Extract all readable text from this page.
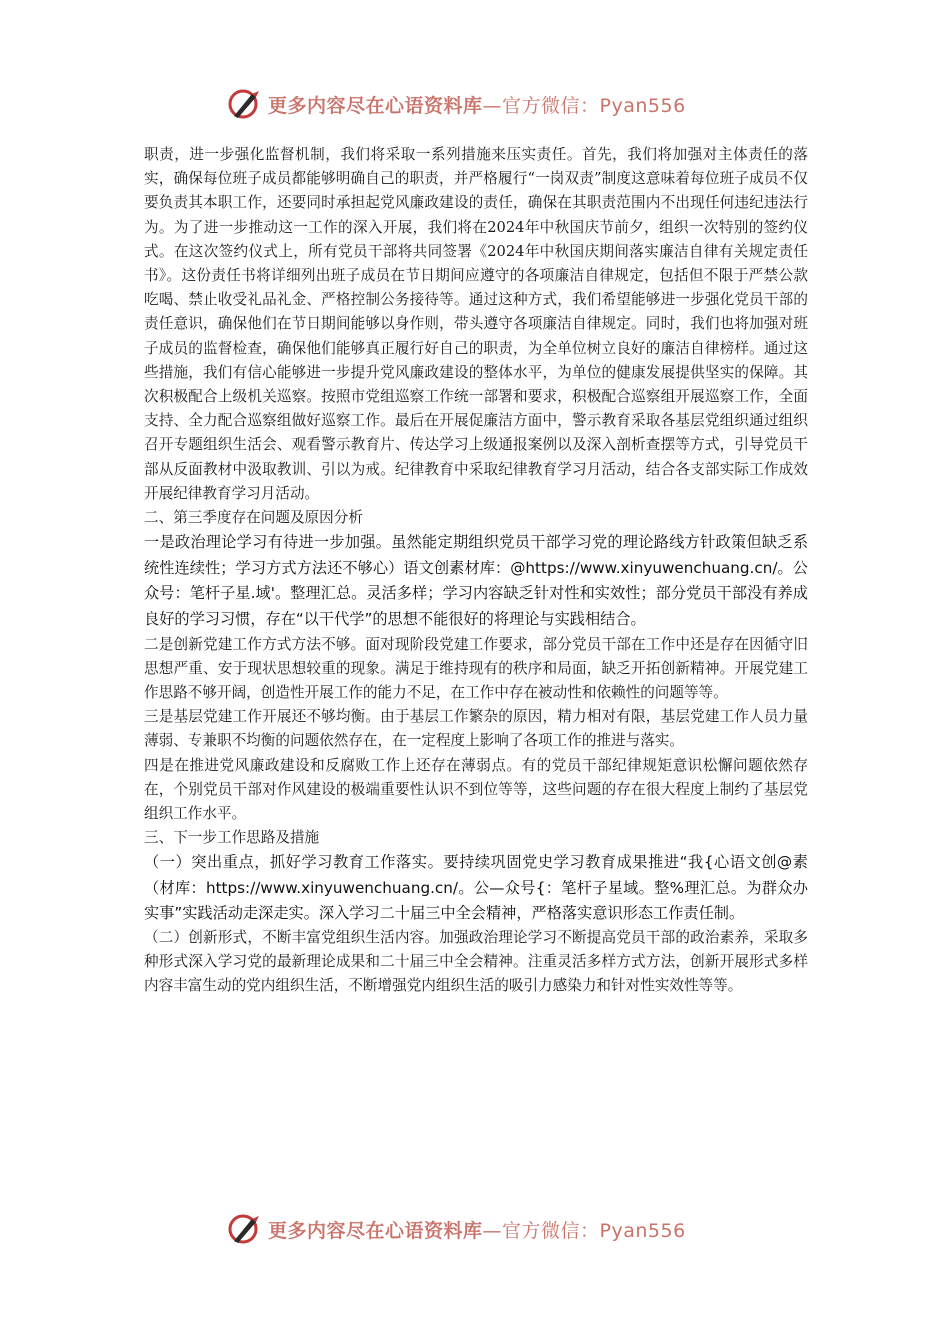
更多内容尽在心语资料库—官方微信：Pyan556

职责，进一步强化监督机制，我们将采取一系列措施来压实责任。首先，我们将加强对主体责任的落实，确保每位班子成员都能够明确自己的职责，并严格履行“一岗双责”制度这意味着每位班子成员不仅要负责其本职工作，还要同时承担起党风廉政建设的责任，确保在其职责范围内不出现任何违纪违法行为。为了进一步推动这一工作的深入开展，我们将在2024年中秋国庆节前夕，组织一次特别的签约仪式。在这次签约仪式上，所有党员干部将共同签署《2024年中秋国庆期间落实廉洁自律有关规定责任书》。这份责任书将详细列出班子成员在节日期间应遵守的各项廉洁自律规定，包括但不限于严禁公款吃喝、禁止收受礼品礼金、严格控制公务接待等。通过这种方式，我们希望能够进一步强化党员干部的责任意识，确保他们在节日期间能够以身作则，带头遵守各项廉洁自律规定。同时，我们也将加强对班子成员的监督检查，确保他们能够真正履行好自己的职责，为全单位树立良好的廉洁自律榜样。通过这些措施，我们有信心能够进一步提升党风廉政建设的整体水平，为单位的健康发展提供坚实的保障。其次积极配合上级机关巡察。按照市党组巡察工作统一部署和要求，积极配合巡察组开展巡察工作，全面支持、全力配合巡察组做好巡察工作。最后在开展促廉洁方面中，警示教育采取各基层党组织通过组织召开专题组织生活会、观看警示教育片、传达学习上级通报案例以及深入剖析查摆等方式，引导党员干部从反面教材中汲取教训、引以为戒。纪律教育中采取纪律教育学习月活动，结合各支部实际工作成效开展纪律教育学习月活动。

二、第三季度存在问题及原因分析

一是政治理论学习有待进一步加强。虽然能定期组织党员干部学习党的理论路线方针政策但缺乏系统性连续性；学习方式方法还不够心）语文创素材库：@https://www.xinyuwenchuang.cn/。公众号：笔杆子星.域'。整理汇总。灵活多样；学习内容缺乏针对性和实效性；部分党员干部没有养成良好的学习习惯，存在“以干代学”的思想不能很好的将理论与实践相结合。

二是创新党建工作方式方法不够。面对现阶段党建工作要求，部分党员干部在工作中还是存在因循守旧思想严重、安于现状思想较重的现象。满足于维持现有的秩序和局面，缺乏开拓创新精神。开展党建工作思路不够开阔，创造性开展工作的能力不足，在工作中存在被动性和依赖性的问题等等。

三是基层党建工作开展还不够均衡。由于基层工作繁杂的原因，精力相对有限，基层党建工作人员力量薄弱、专兼职不均衡的问题依然存在，在一定程度上影响了各项工作的推进与落实。

四是在推进党风廉政建设和反腐败工作上还存在薄弱点。有的党员干部纪律规矩意识松懈问题依然存在，个别党员干部对作风建设的极端重要性认识不到位等等，这些问题的存在很大程度上制约了基层党组织工作水平。

三、下一步工作思路及措施

（一）突出重点，抓好学习教育工作落实。要持续巩固党史学习教育成果推进“我{心语文创@素（材库：https://www.xinyuwenchuang.cn/。公—众号{：笔杆子星域。整%理汇总。为群众办实事”实践活动走深走实。深入学习二十届三中全会精神，严格落实意识形态工作责任制。

（二）创新形式，不断丰富党组织生活内容。加强政治理论学习不断提高党员干部的政治素养，采取多种形式深入学习党的最新理论成果和二十届三中全会精神。注重灵活多样方式方法，创新开展形式多样内容丰富生动的党内组织生活，不断增强党内组织生活的吸引力感染力和针对性实效性等等。

更多内容尽在心语资料库—官方微信：Pyan556
